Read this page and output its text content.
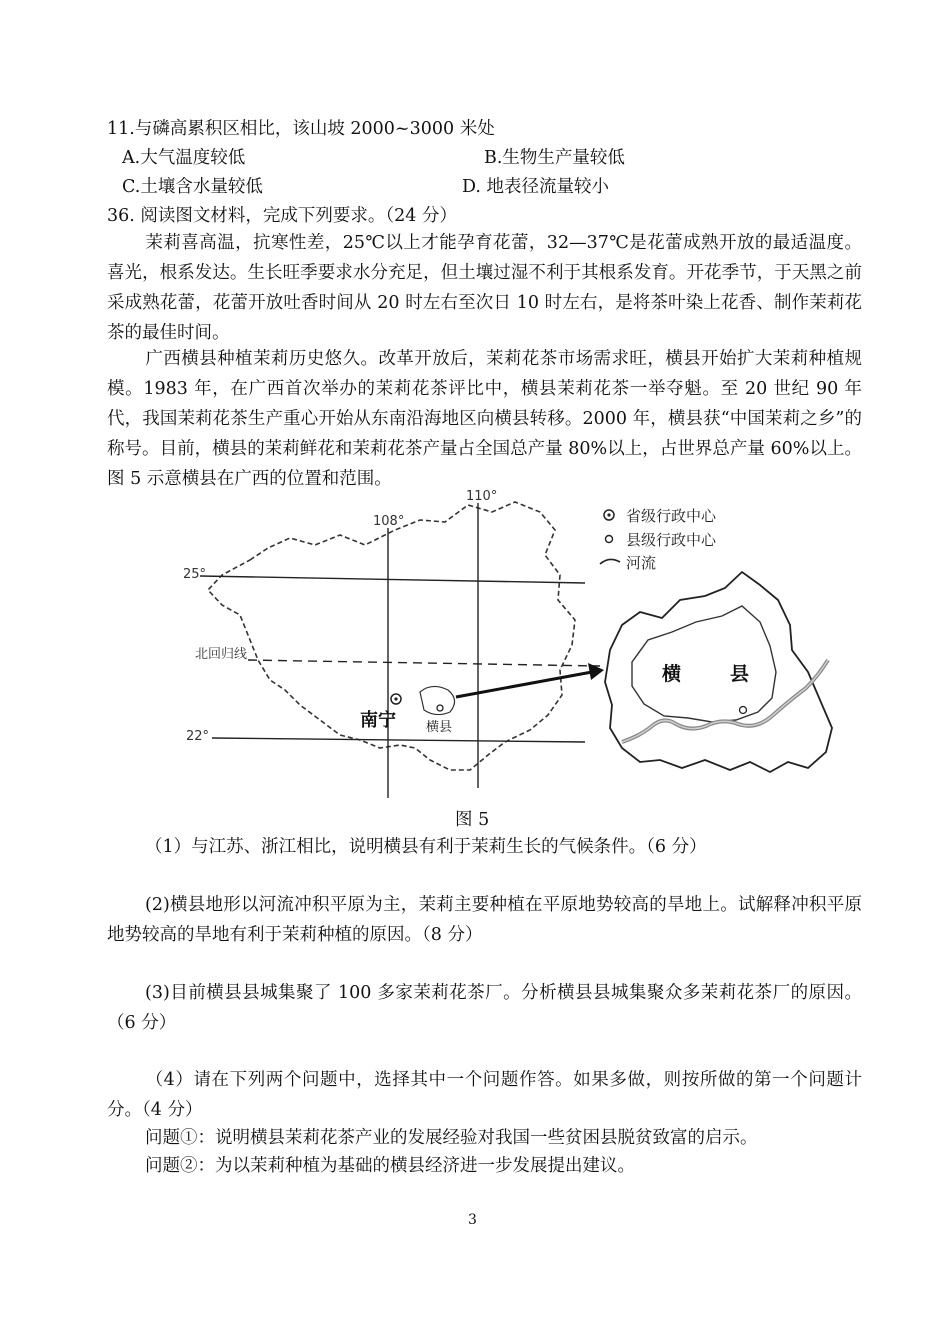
11.与磷高累积区相比，该山坡 2000~3000 米处
A.大气温度较低	B.生物生产量较低
C.土壤含水量较低	D. 地表径流量较小
36. 阅读图文材料，完成下列要求。（24 分）
茉莉喜高温，抗寒性差，25℃以上才能孕育花蕾，32—37℃是花蕾成熟开放的最适温度。喜光，根系发达。生长旺季要求水分充足，但土壤过湿不利于其根系发育。开花季节，于天黑之前采成熟花蕾，花蕾开放吐香时间从 20 时左右至次日 10 时左右，是将茶叶染上花香、制作茉莉花茶的最佳时间。
广西横县种植茉莉历史悠久。改革开放后，茉莉花茶市场需求旺，横县开始扩大茉莉种植规模。1983 年，在广西首次举办的茉莉花茶评比中，横县茉莉花茶一举夺魁。至 20 世纪 90 年代，我国茉莉花茶生产重心开始从东南沿海地区向横县转移。2000 年，横县获“中国茉莉之乡”的称号。目前，横县的茉莉鲜花和茉莉花茶产量占全国总产量 80%以上，占世界总产量 60%以上。图 5 示意横县在广西的位置和范围。
110°
108°
25°
22°
北回归线
南宁 横县
横	县
省级行政中心
县级行政中心
河流
图 5
（1）与江苏、浙江相比，说明横县有利于茉莉生长的气候条件。（6 分）
(2)横县地形以河流冲积平原为主，茉莉主要种植在平原地势较高的旱地上。试解释冲积平原地势较高的旱地有利于茉莉种植的原因。（8 分）
(3)目前横县县城集聚了 100 多家茉莉花茶厂。分析横县县城集聚众多茉莉花茶厂的原因。（6 分）
（4）请在下列两个问题中，选择其中一个问题作答。如果多做，则按所做的第一个问题计分。（4 分）
问题①：说明横县茉莉花茶产业的发展经验对我国一些贫困县脱贫致富的启示。
问题②：为以茉莉种植为基础的横县经济进一步发展提出建议。
3
